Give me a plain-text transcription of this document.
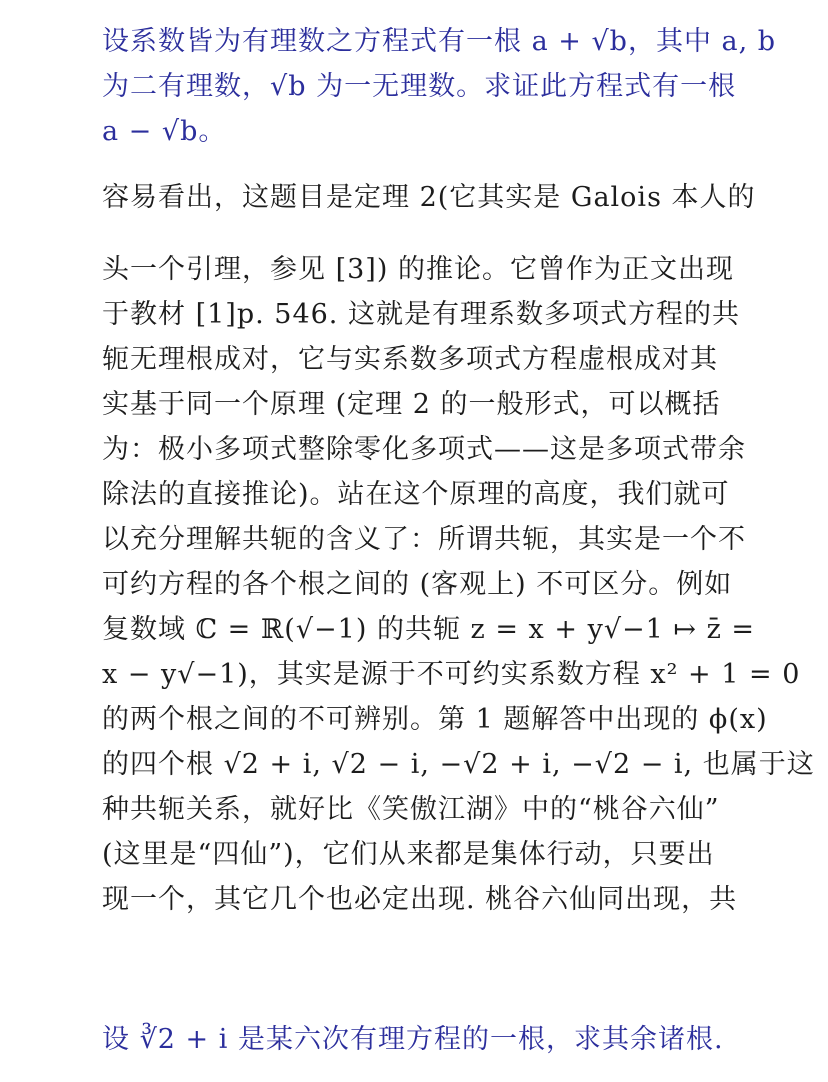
设系数皆为有理数之方程式有一根 a + √b，其中 a, b
为二有理数，√b 为一无理数。求证此方程式有一根
a − √b。
容易看出，这题目是定理 2(它其实是 Galois 本人的
头一个引理，参见 [3]) 的推论。它曾作为正文出现
于教材 [1]p. 546. 这就是有理系数多项式方程的共
轭无理根成对，它与实系数多项式方程虚根成对其
实基于同一个原理 (定理 2 的一般形式，可以概括
为：极小多项式整除零化多项式——这是多项式带余
除法的直接推论)。站在这个原理的高度，我们就可
以充分理解共轭的含义了：所谓共轭，其实是一个不
可约方程的各个根之间的 (客观上) 不可区分。例如
复数域 ℂ = ℝ(√−1) 的共轭 z = x + y√−1 ↦ z̄ =
x − y√−1)，其实是源于不可约实系数方程 x² + 1 = 0
的两个根之间的不可辨别。第 1 题解答中出现的 ϕ(x)
的四个根 √2 + i, √2 − i, −√2 + i, −√2 − i, 也属于这
种共轭关系，就好比《笑傲江湖》中的“桃谷六仙”
(这里是“四仙”)，它们从来都是集体行动，只要出
现一个，其它几个也必定出现. 桃谷六仙同出现，共
设 ∛2 + i 是某六次有理方程的一根，求其余诸根.
